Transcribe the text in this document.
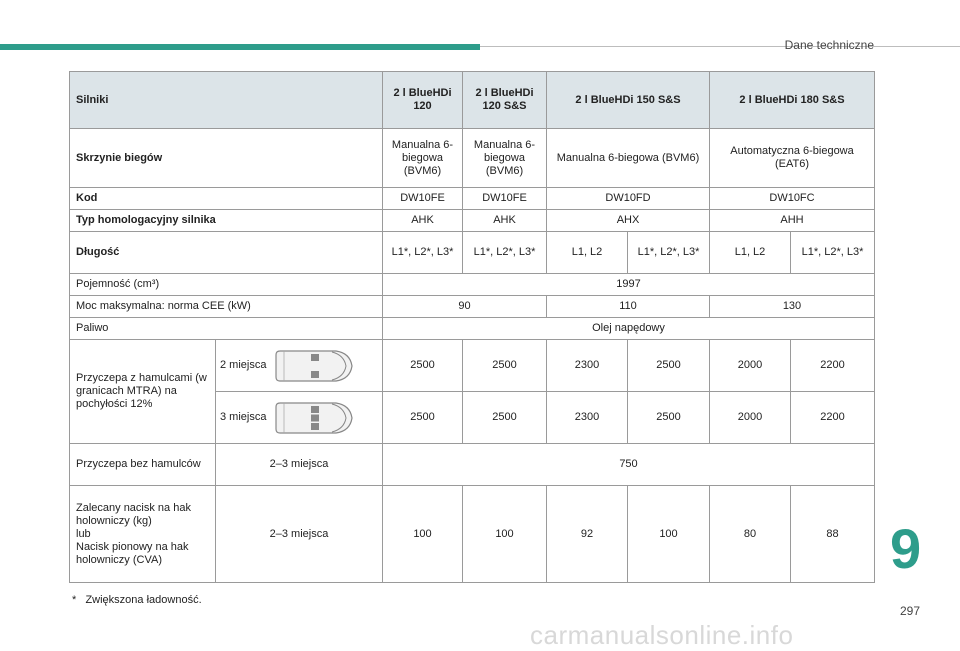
Dane techniczne
Silniki		2 l BlueHDi 120	2 l BlueHDi 120 S&S	2 l BlueHDi 150 S&S		2 l BlueHDi 180 S&S	
Skrzynie biegów		Manualna 6-biegowa (BVM6)	Manualna 6-biegowa (BVM6)	Manualna 6-biegowa (BVM6)		Automatyczna 6-biegowa (EAT6)	
Kod		DW10FE	DW10FE	DW10FD		DW10FC	
Typ homologacyjny silnika		AHK	AHK	AHX		AHH	
Długość		L1*, L2*, L3*	L1*, L2*, L3*	L1, L2	L1*, L2*, L3*	L1, L2	L1*, L2*, L3*
Pojemność (cm³)		1997					
Moc maksymalna: norma CEE (kW)		90		110		130	
Paliwo		Olej napędowy					
Przyczepa z hamulcami (w granicach MTRA) na pochyłości 12%	2 miejsca	2500	2500	2300	2500	2000	2200
	3 miejsca	2500	2500	2300	2500	2000	2200
Przyczepa bez hamulców	2–3 miejsca	750					
Zalecany nacisk na hak
holowniczy (kg)
lub
Nacisk pionowy na hak
holowniczy (CVA)	2–3 miejsca	100	100	92	100	80	88
* Zwiększona ładowność.
9
297
carmanualsonline.info
